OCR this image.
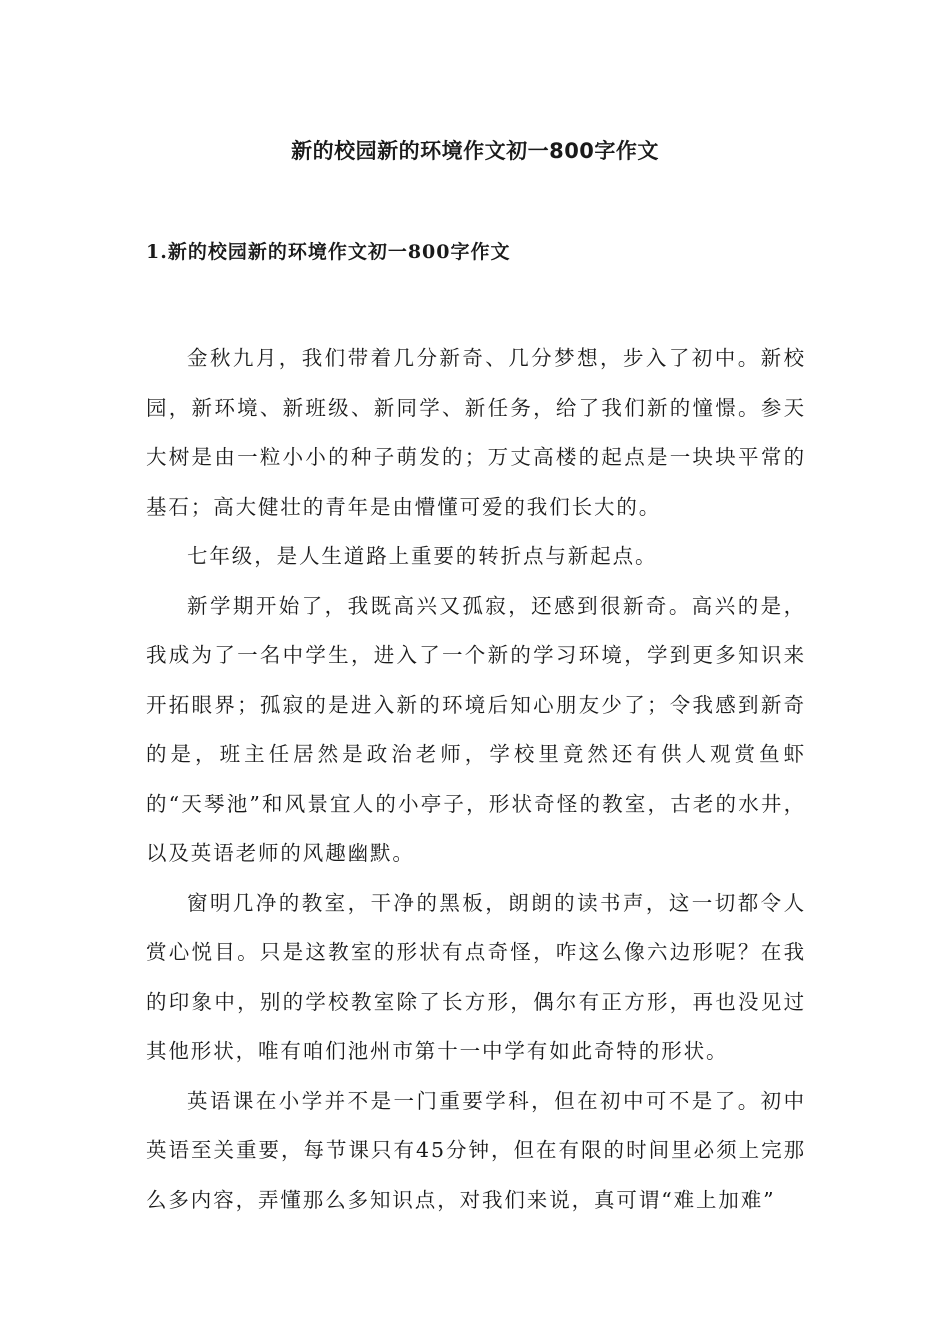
新的校园新的环境作文初一800字作文
1.新的校园新的环境作文初一800字作文

金秋九月，我们带着几分新奇、几分梦想，步入了初中。新校园，新环境、新班级、新同学、新任务，给了我们新的憧憬。参天大树是由一粒小小的种子萌发的；万丈高楼的起点是一块块平常的基石；高大健壮的青年是由懵懂可爱的我们长大的。

七年级，是人生道路上重要的转折点与新起点。

新学期开始了，我既高兴又孤寂，还感到很新奇。高兴的是，我成为了一名中学生，进入了一个新的学习环境，学到更多知识来开拓眼界；孤寂的是进入新的环境后知心朋友少了；令我感到新奇的是，班主任居然是政治老师，学校里竟然还有供人观赏鱼虾的“天琴池”和风景宜人的小亭子，形状奇怪的教室，古老的水井，以及英语老师的风趣幽默。

窗明几净的教室，干净的黑板，朗朗的读书声，这一切都令人赏心悦目。只是这教室的形状有点奇怪，咋这么像六边形呢？在我的印象中，别的学校教室除了长方形，偶尔有正方形，再也没见过其他形状，唯有咱们池州市第十一中学有如此奇特的形状。

英语课在小学并不是一门重要学科，但在初中可不是了。初中英语至关重要，每节课只有45分钟，但在有限的时间里必须上完那么多内容，弄懂那么多知识点，对我们来说，真可谓“难上加难”
